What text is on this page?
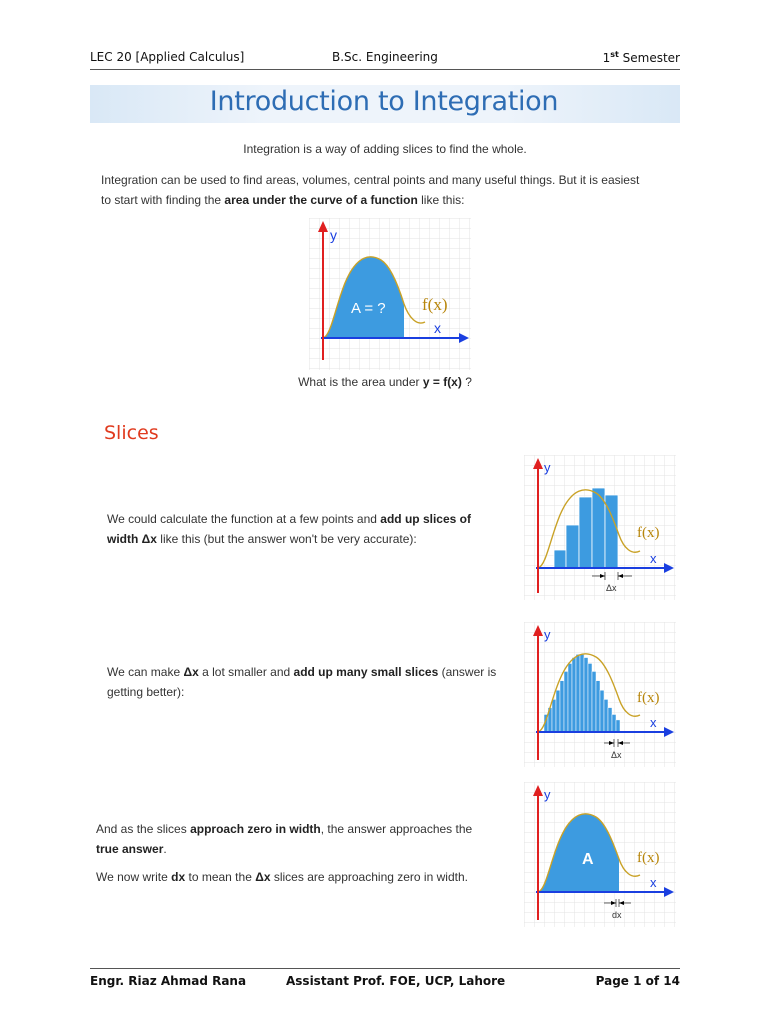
LEC 20 [Applied Calculus]	B.Sc. Engineering	1st Semester
Introduction to Integration
Integration is a way of adding slices to find the whole.
Integration can be used to find areas, volumes, central points and many useful things. But it is easiest
to start with finding the area under the curve of a function like this:
y
x
A = ? f(x)
What is the area under y = f(x) ?
Slices
We could calculate the function at a few points and add up slices of
width Δx like this (but the answer won't be very accurate):
y
x
f(x)
Δx
We can make Δx a lot smaller and add up many small slices (answer is
getting better):
y
x
f(x)
Δx
And as the slices approach zero in width, the answer approaches the
true answer.
We now write dx to mean the Δx slices are approaching zero in width.
y
x
f(x)
A
dx
Engr. Riaz Ahmad Rana	Assistant Prof. FOE, UCP, Lahore	Page 1 of 14
